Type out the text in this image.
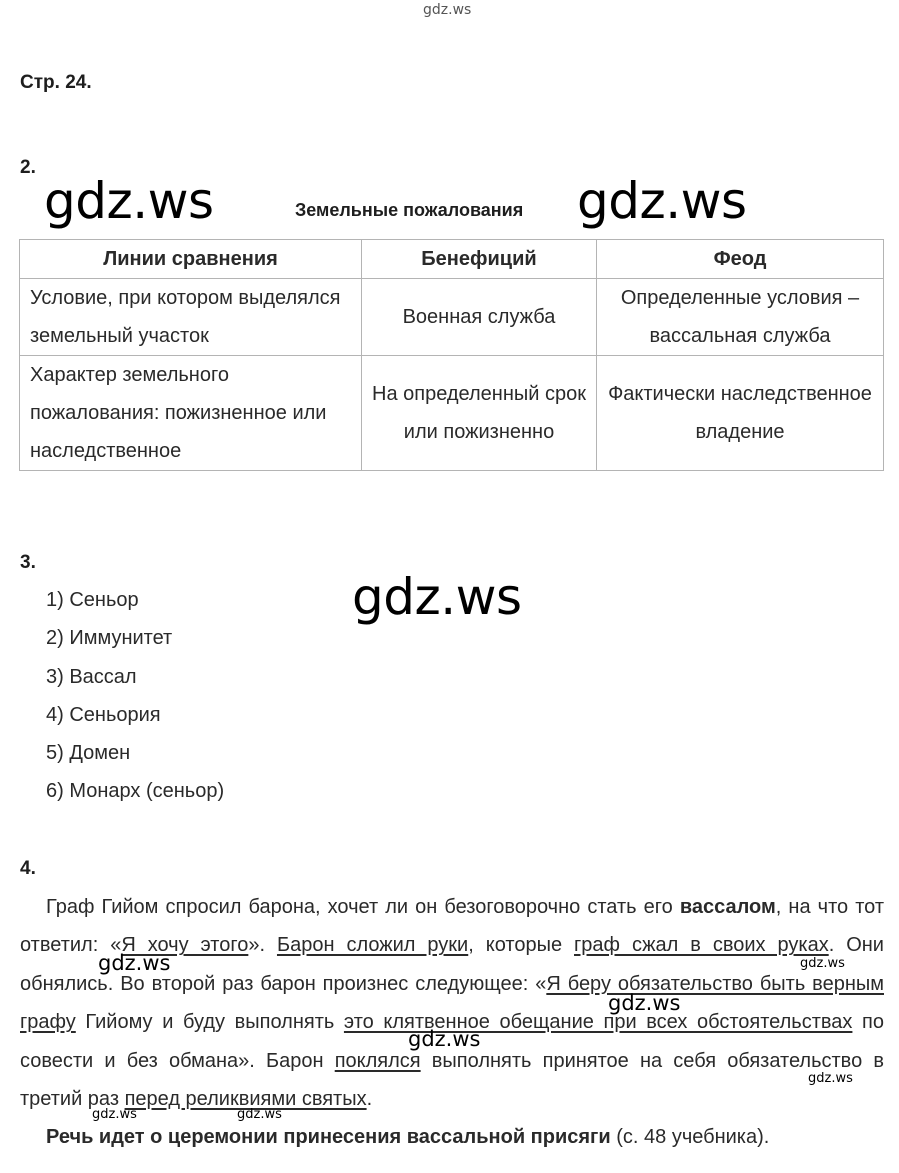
gdz.ws
gdz.ws	gdz.ws
gdz.ws
Стр. 24.
2.
Земельные пожалования
Линии сравнения	Бенефиций	Феод
Условие, при котором выделялся земельный участок	Военная служба	Определенные условия – вассальная служба
Характер земельного пожалования: пожизненное или наследственное	На определенный срок или пожизненно	Фактически наследственное владение
3.
1) Сеньор
2) Иммунитет
3) Вассал
4) Сеньория
5) Домен
6) Монарх (сеньор)
4.

Граф Гийом спросил барона, хочет ли он безоговорочно стать его вассалом, на что тот ответил: «Я хочу этого». Барон сложил руки, которые граф сжал в своих руках. Они обнялись. Во второй раз барон произнес следующее: «Я беру обязательство быть верным графу Гийому и буду выполнять это клятвенное обещание при всех обстоятельствах по совести и без обмана». Барон поклялся выполнять принятое на себя обязательство в третий раз перед реликвиями святых.

Речь идет о церемонии принесения вассальной присяги (с. 48 учебника).

gdz.ws	gdz.ws
gdz.ws
gdz.ws
gdz.ws
gdz.ws	gdz.ws
